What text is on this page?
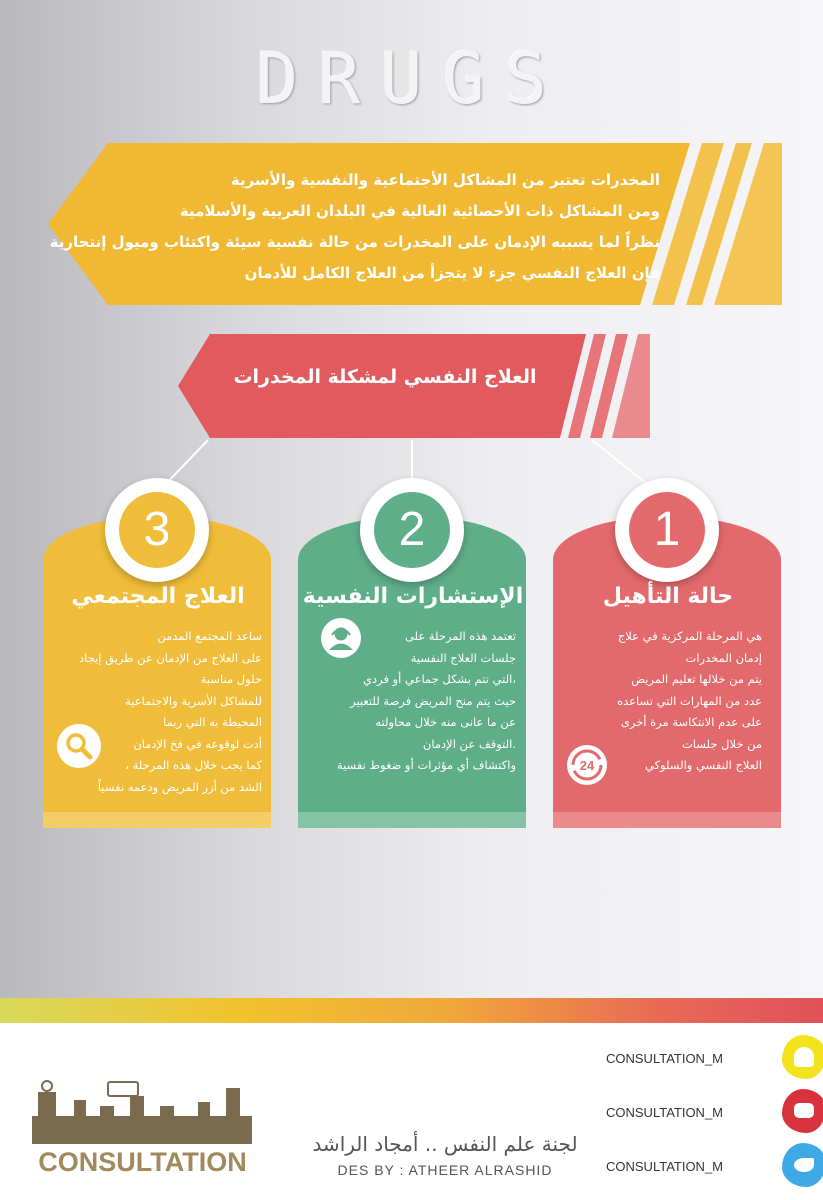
DRUGS
المخدرات تعتبر من المشاكل الأجتماعية والنفسية والأسرية
ومن المشاكل ذات الأحصائية العالية في البلدان العربية والأسلامية
نظراً لما يسببه الإدمان على المخدرات من حالة نفسية سيئة واكتئاب وميول إنتحارية
فإن العلاج النفسي جزء لا يتجزأ من العلاج الكامل للأدمان
العلاج النفسي لمشكلة المخدرات
3	2	1
العلاج المجتمعي	الإستشارات النفسية	حالة التأهيل
هي المرحلة المركزية في علاج
إدمان المخدرات
يتم من خلالها تعليم المريض
عدد من المهارات التي تساعده
على عدم الانتكاسة مرة أخرى
من خلال جلسات
العلاج النفسي والسلوكي
24
تعتمد هذه المرحلة على
جلسات العلاج النفسية
،التي تتم بشكل جماعي أو فردي
حيث يتم منح المريض فرصة للتعبير
عن ما عانى منه خلال محاولته
.التوقف عن الإدمان
واكتشاف أي مؤثرات أو ضغوط نفسية
ساعد المجتمع المدمن
على العلاج من الإدمان عن طريق إيجاد
حلول مناسبة
للمشاكل الأسرية والاجتماعية
المحيطة به التي ربما
أدت لوقوعه في فخ الإدمان
كما يجب خلال هذه المرحلة ،
الشد من أزر المريض ودعمه نفسياً
CONSULTATION_M
CONSULTATION_M
CONSULTATION_M
CONSULTATION
لجنة علم النفس .. أمجاد الراشد
DES BY : ATHEER ALRASHID
